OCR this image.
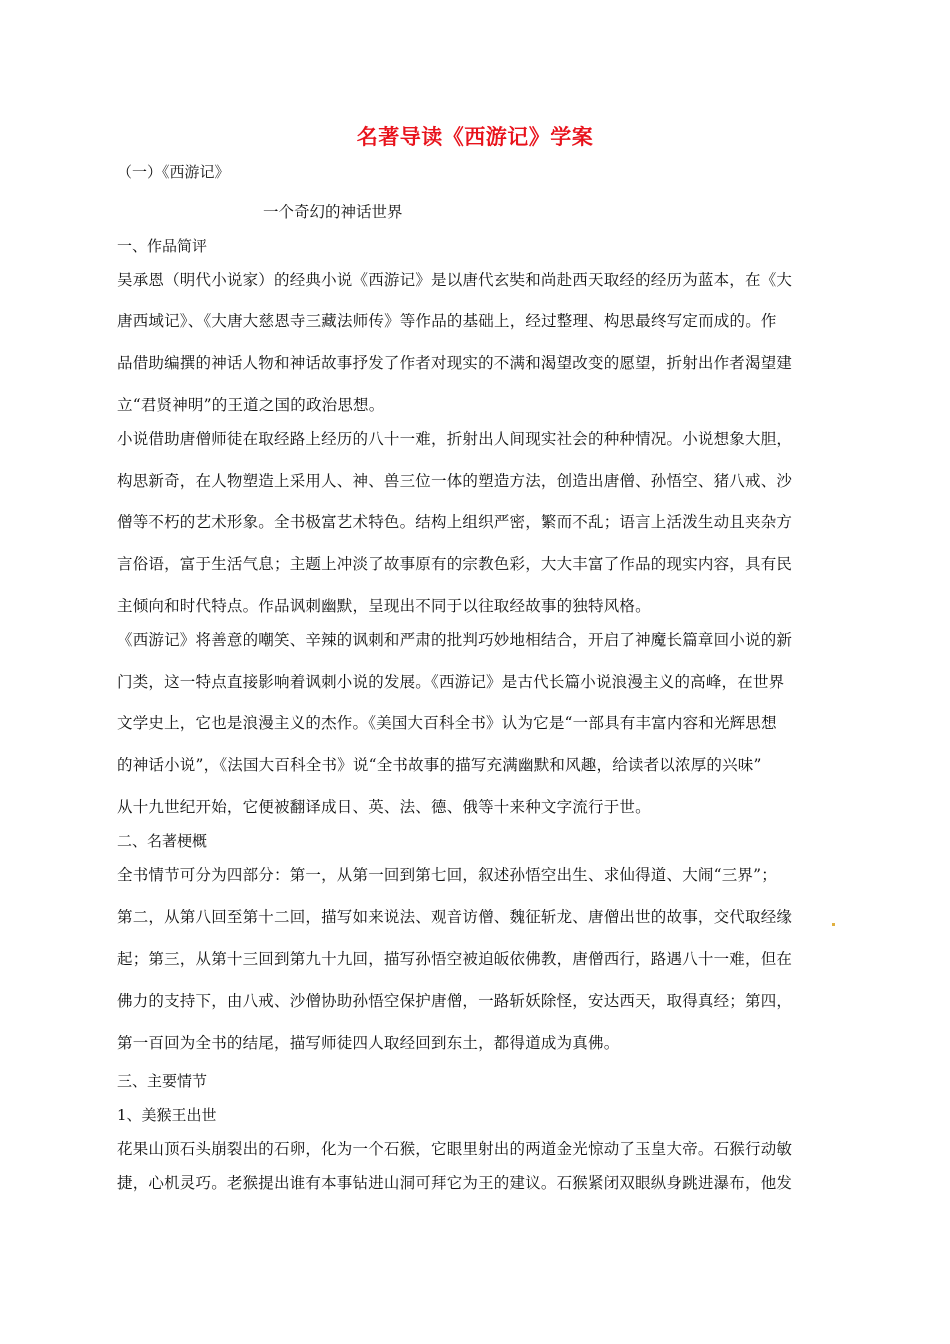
名著导读《西游记》学案
（一）《西游记》
一个奇幻的神话世界
一、作品简评
吴承恩（明代小说家）的经典小说《西游记》是以唐代玄奘和尚赴西天取经的经历为蓝本，在《大
唐西域记》、《大唐大慈恩寺三藏法师传》等作品的基础上，经过整理、构思最终写定而成的。作
品借助编撰的神话人物和神话故事抒发了作者对现实的不满和渴望改变的愿望，折射出作者渴望建
立“君贤神明”的王道之国的政治思想。
小说借助唐僧师徒在取经路上经历的八十一难，折射出人间现实社会的种种情况。小说想象大胆，
构思新奇，在人物塑造上采用人、神、兽三位一体的塑造方法，创造出唐僧、孙悟空、猪八戒、沙
僧等不朽的艺术形象。全书极富艺术特色。结构上组织严密，繁而不乱；语言上活泼生动且夹杂方
言俗语，富于生活气息；主题上冲淡了故事原有的宗教色彩，大大丰富了作品的现实内容，具有民
主倾向和时代特点。作品讽刺幽默，呈现出不同于以往取经故事的独特风格。
《西游记》将善意的嘲笑、辛辣的讽刺和严肃的批判巧妙地相结合，开启了神魔长篇章回小说的新
门类，这一特点直接影响着讽刺小说的发展。《西游记》是古代长篇小说浪漫主义的高峰，在世界
文学史上，它也是浪漫主义的杰作。《美国大百科全书》认为它是“一部具有丰富内容和光辉思想
的神话小说”，《法国大百科全书》说“全书故事的描写充满幽默和风趣，给读者以浓厚的兴味”
从十九世纪开始，它便被翻译成日、英、法、德、俄等十来种文字流行于世。
二、名著梗概
全书情节可分为四部分：第一，从第一回到第七回，叙述孙悟空出生、求仙得道、大闹“三界”；
第二，从第八回至第十二回，描写如来说法、观音访僧、魏征斩龙、唐僧出世的故事，交代取经缘
起；第三，从第十三回到第九十九回，描写孙悟空被迫皈依佛教，唐僧西行，路遇八十一难，但在
佛力的支持下，由八戒、沙僧协助孙悟空保护唐僧，一路斩妖除怪，安达西天，取得真经；第四，
第一百回为全书的结尾，描写师徒四人取经回到东土，都得道成为真佛。
三、主要情节
1、美猴王出世
花果山顶石头崩裂出的石卵，化为一个石猴，它眼里射出的两道金光惊动了玉皇大帝。石猴行动敏
捷，心机灵巧。老猴提出谁有本事钻进山洞可拜它为王的建议。石猴紧闭双眼纵身跳进瀑布，他发
